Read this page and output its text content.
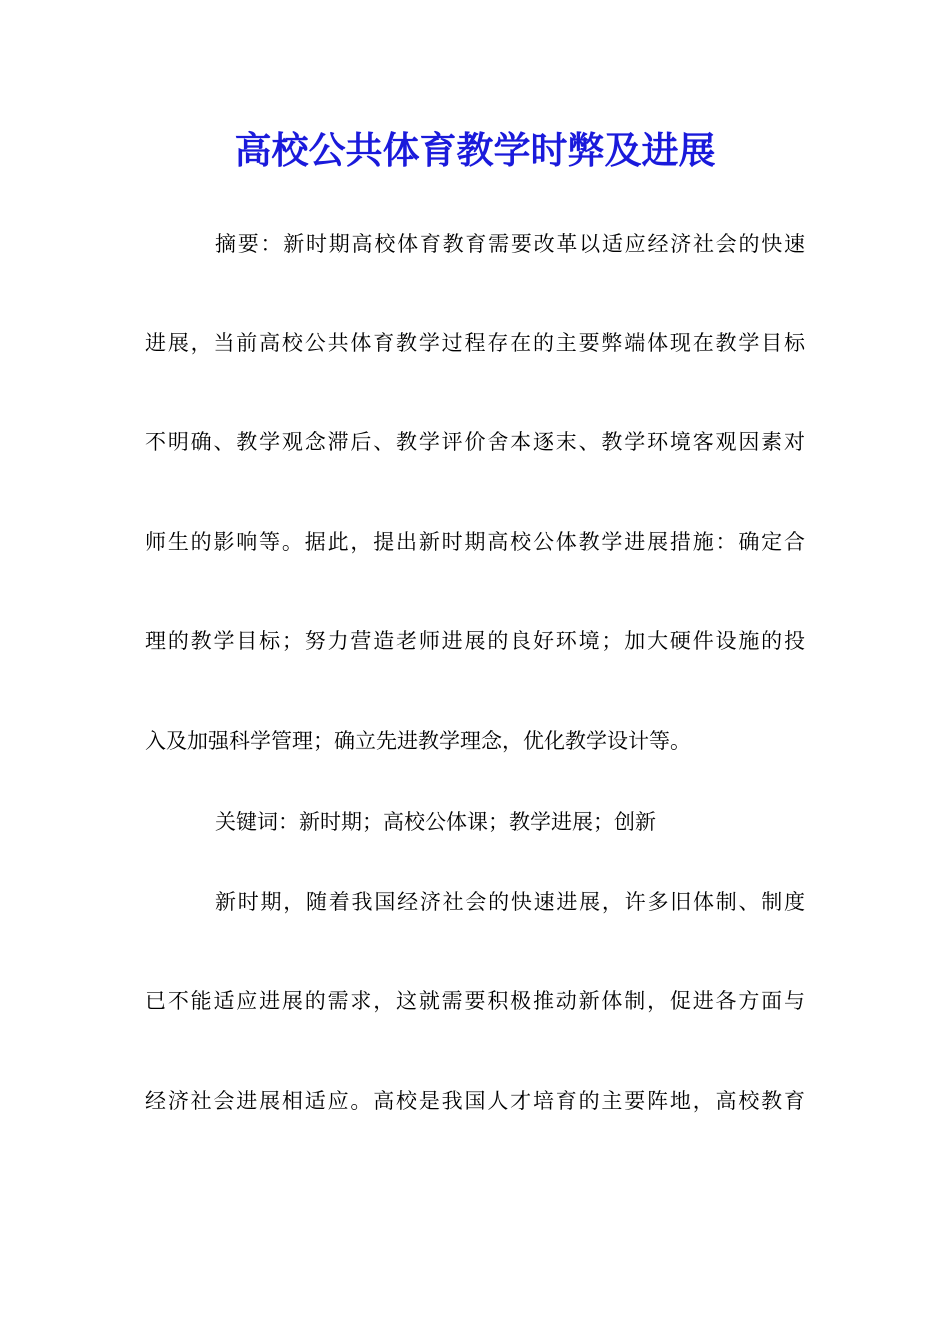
高校公共体育教学时弊及进展
摘要：新时期高校体育教育需要改革以适应经济社会的快速
进展，当前高校公共体育教学过程存在的主要弊端体现在教学目标
不明确、教学观念滞后、教学评价舍本逐末、教学环境客观因素对
师生的影响等。据此，提出新时期高校公体教学进展措施：确定合
理的教学目标；努力营造老师进展的良好环境；加大硬件设施的投
入及加强科学管理；确立先进教学理念，优化教学设计等。
关键词：新时期；高校公体课；教学进展；创新
新时期，随着我国经济社会的快速进展，许多旧体制、制度
已不能适应进展的需求，这就需要积极推动新体制，促进各方面与
经济社会进展相适应。高校是我国人才培育的主要阵地，高校教育
